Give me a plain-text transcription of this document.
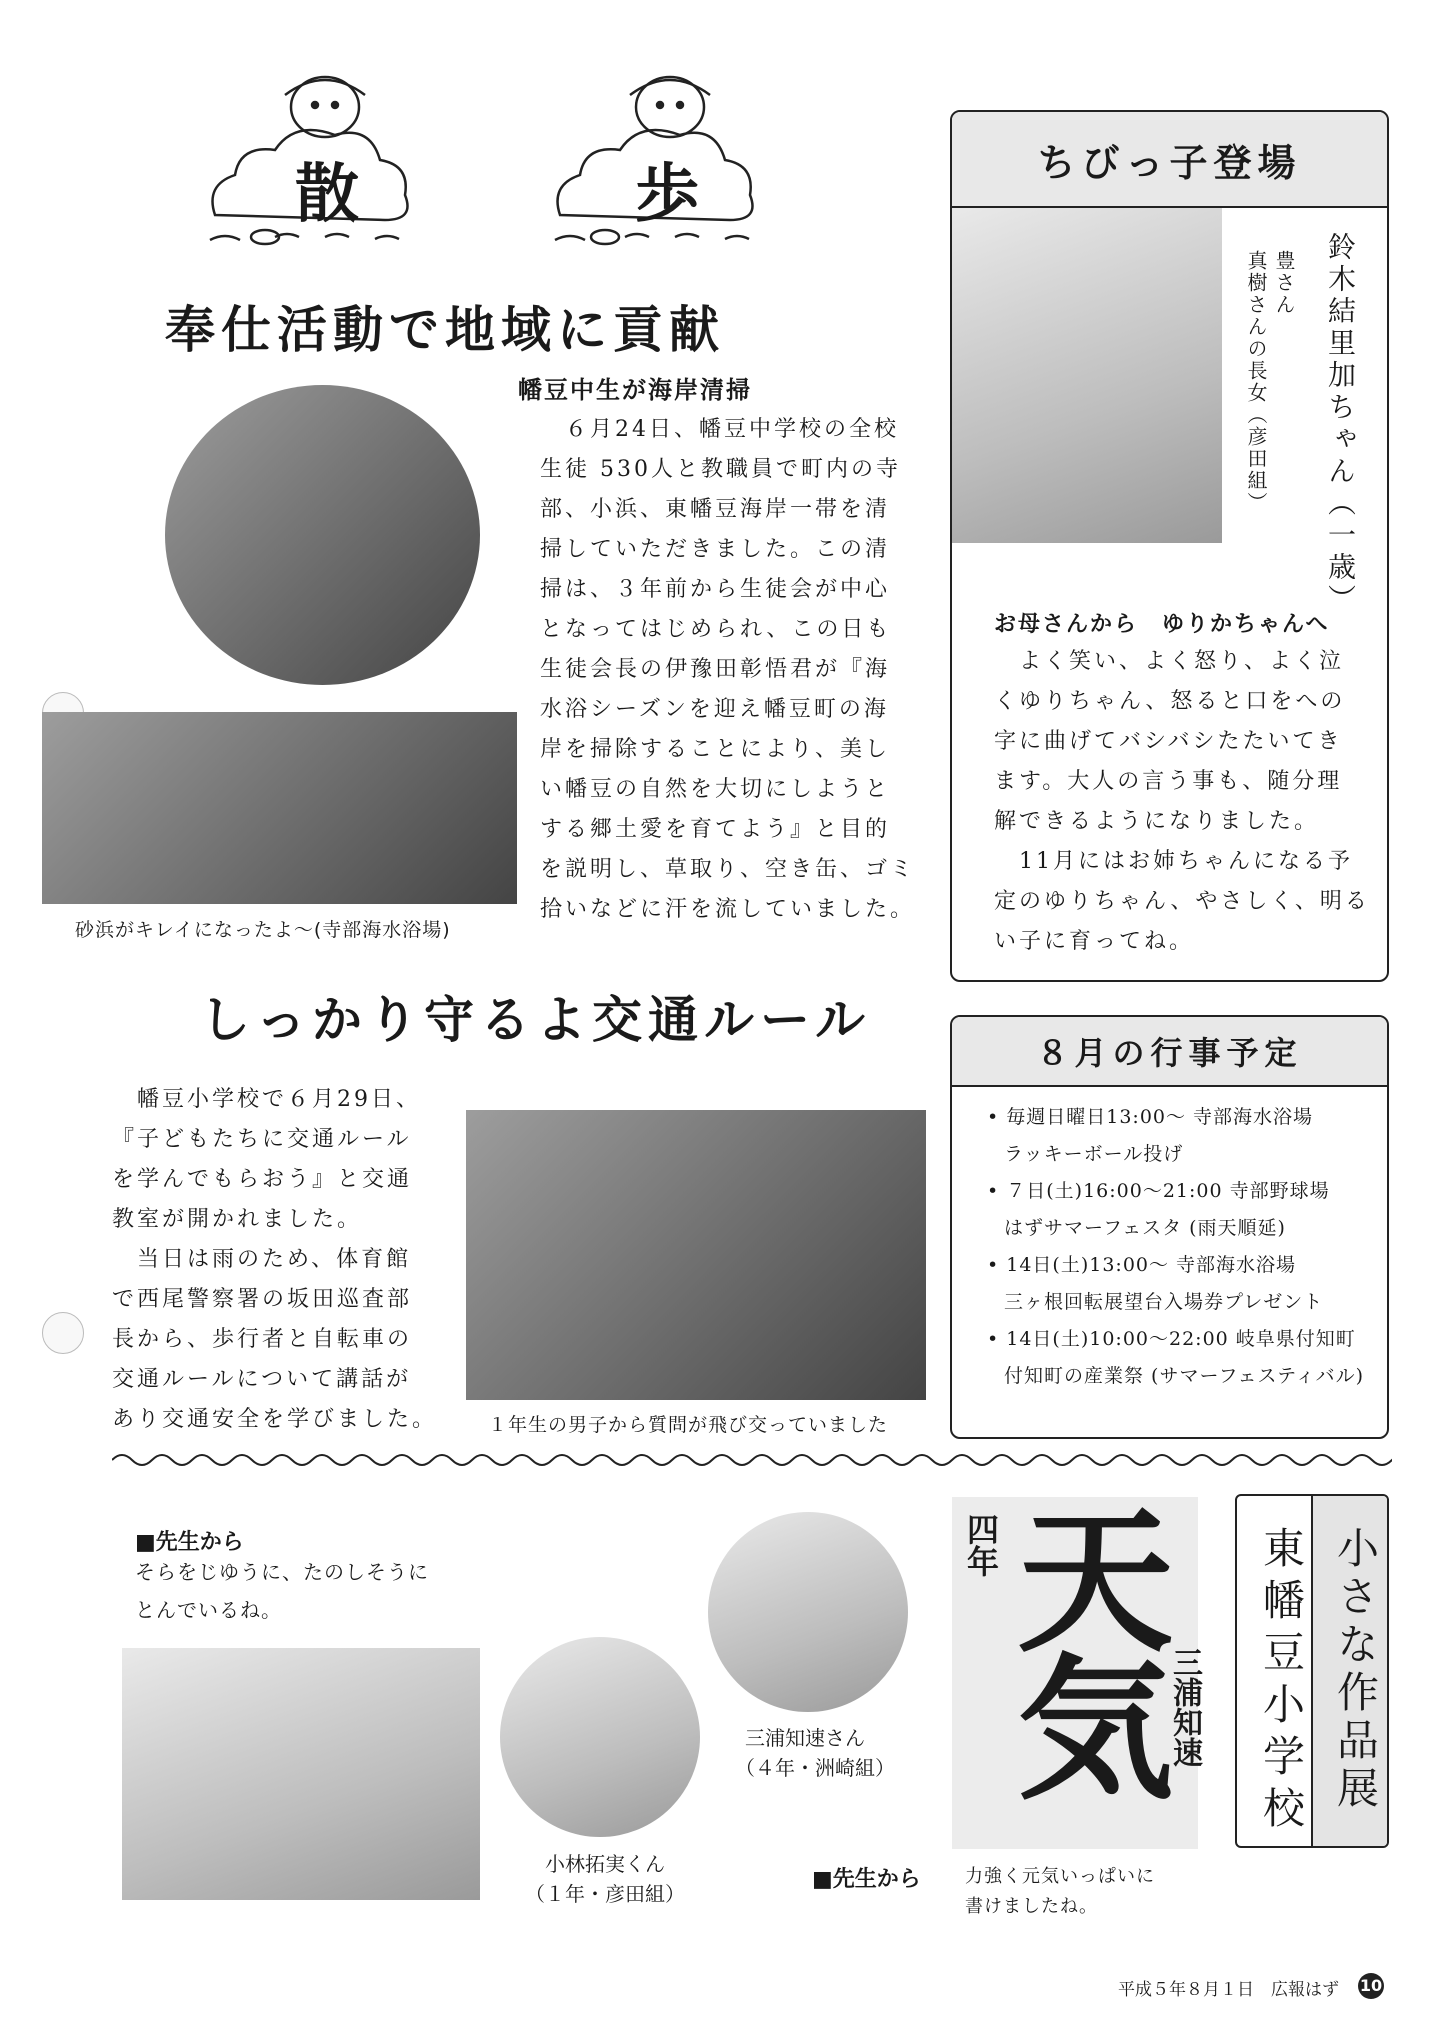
散	歩
奉仕活動で地域に貢献
幡豆中生が海岸清掃
　６月24日、幡豆中学校の全校
生徒 530人と教職員で町内の寺
部、小浜、東幡豆海岸一帯を清
掃していただきました。この清
掃は、３年前から生徒会が中心
となってはじめられ、この日も
生徒会長の伊豫田彰悟君が『海
水浴シーズンを迎え幡豆町の海
岸を掃除することにより、美し
い幡豆の自然を大切にしようと
する郷土愛を育てよう』と目的
を説明し、草取り、空き缶、ゴミ
拾いなどに汗を流していました。
砂浜がキレイになったよ～(寺部海水浴場)
ちびっ子登場
鈴木結里加ちゃん（一歳）
豊さん
真樹さんの長女（彦田組）
お母さんから　ゆりかちゃんへ
　よく笑い、よく怒り、よく泣
くゆりちゃん、怒ると口をへの
字に曲げてバシバシたたいてき
ます。大人の言う事も、随分理
解できるようになりました。
　11月にはお姉ちゃんになる予
定のゆりちゃん、やさしく、明る
い子に育ってね。
しっかり守るよ交通ルール
　幡豆小学校で６月29日、
『子どもたちに交通ルール
を学んでもらおう』と交通
教室が開かれました。
　当日は雨のため、体育館
で西尾警察署の坂田巡査部
長から、歩行者と自転車の
交通ルールについて講話が
あり交通安全を学びました。	１年生の男子から質問が飛び交っていました
８月の行事予定
• 毎週日曜日13:00～ 寺部海水浴場
ラッキーボール投げ
• ７日(土)16:00～21:00 寺部野球場
はずサマーフェスタ (雨天順延)
• 14日(土)13:00～ 寺部海水浴場
三ヶ根回転展望台入場券プレゼント
• 14日(土)10:00～22:00 岐阜県付知町
付知町の産業祭 (サマーフェスティバル)
■先生から
そらをじゆうに、たのしそうに
とんでいるね。
小林拓実くん
（１年・彦田組）
三浦知速さん
（４年・洲崎組）
■先生から 力強く元気いっぱいに
書けましたね。
四年
天気
三浦知速	小さな作品展
東幡豆小学校
平成５年８月１日　広報はず 10
